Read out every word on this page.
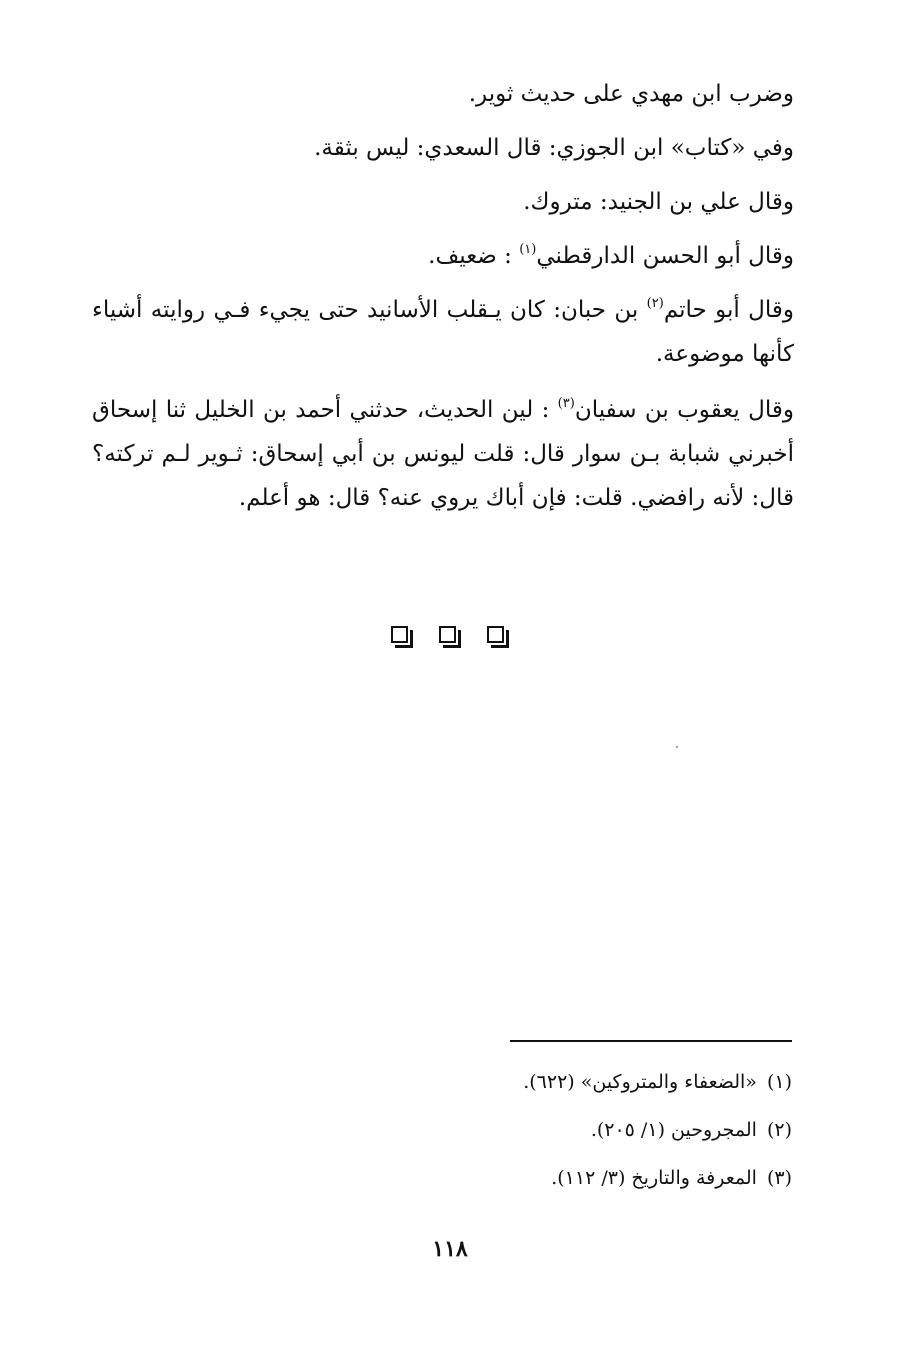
وضرب ابن مهدي على حديث ثوير.

وفي «كتاب» ابن الجوزي: قال السعدي: ليس بثقة.

وقال علي بن الجنيد: متروك.

وقال أبو الحسن الدارقطني$^{(١)}$ : ضعيف.

وقال أبو حاتم$^{(٢)}$ بن حبان: كان يـقلب الأسانيد حتى يجيء فـي روايته أشياء كأنها موضوعة.

وقال يعقوب بن سفيان$^{(٣)}$ : لين الحديث، حدثني أحمد بن الخليل ثنا إسحاق أخبرني شبابة بـن سوار قال: قلت ليونس بن أبي إسحاق: ثـوير لـم تركته؟ قال: لأنه رافضي. قلت: فإن أباك يروي عنه؟ قال: هو أعلم.

(١)«الضعفاء والمتروكين» (٦٢٢).
(٢)المجروحين (١/ ٢٠٥).
(٣)المعرفة والتاريخ (٣/ ١١٢).
١١٨
